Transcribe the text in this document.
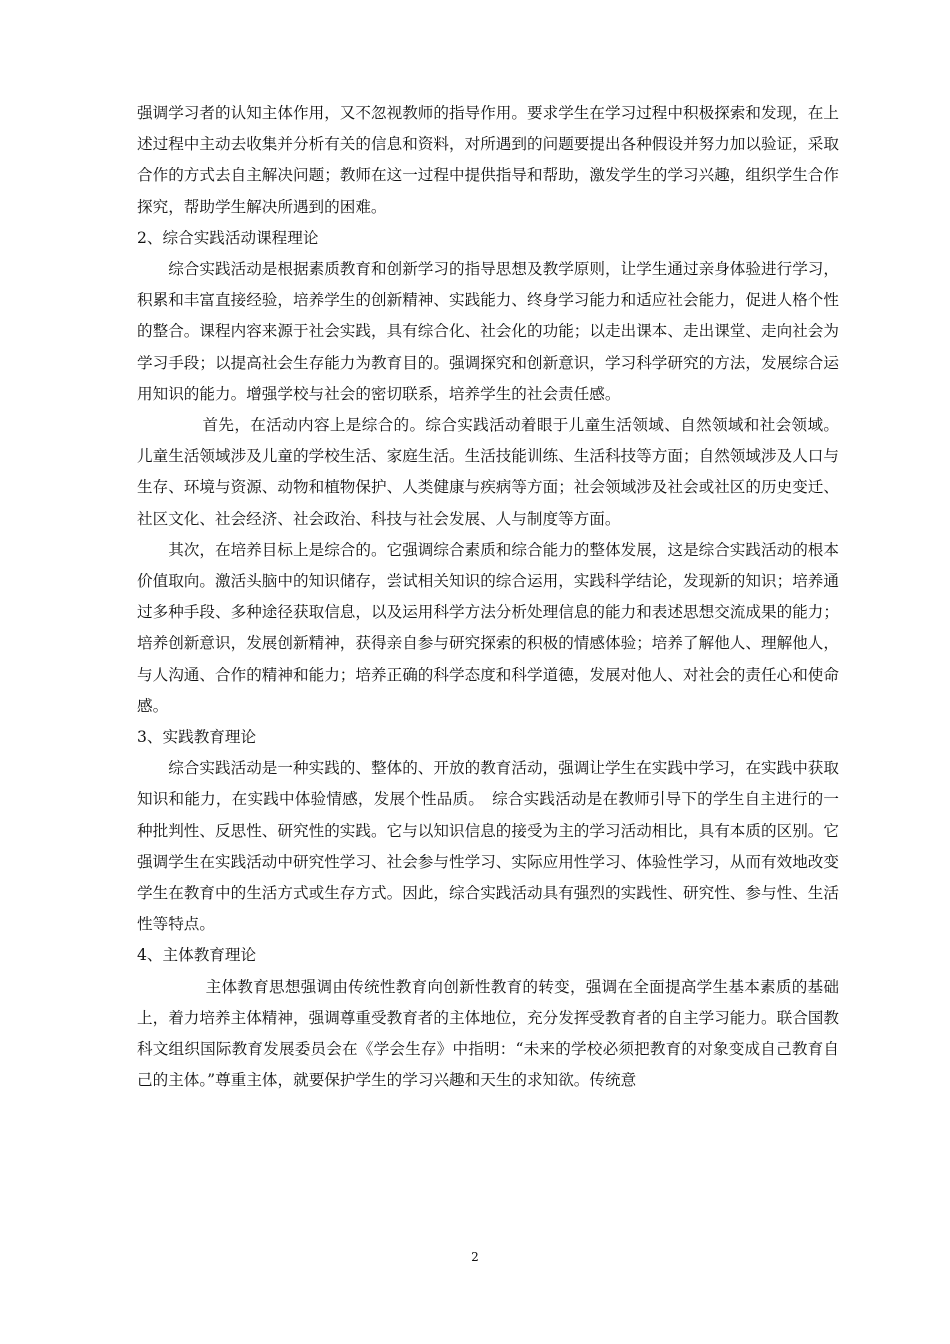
强调学习者的认知主体作用，又不忽视教师的指导作用。要求学生在学习过程中积极探索和发现，在上述过程中主动去收集并分析有关的信息和资料，对所遇到的问题要提出各种假设并努力加以验证，采取合作的方式去自主解决问题；教师在这一过程中提供指导和帮助，激发学生的学习兴趣，组织学生合作探究，帮助学生解决所遇到的困难。

2、综合实践活动课程理论

综合实践活动是根据素质教育和创新学习的指导思想及教学原则，让学生通过亲身体验进行学习，积累和丰富直接经验，培养学生的创新精神、实践能力、终身学习能力和适应社会能力，促进人格个性的整合。课程内容来源于社会实践，具有综合化、社会化的功能；以走出课本、走出课堂、走向社会为学习手段；以提高社会生存能力为教育目的。强调探究和创新意识，学习科学研究的方法，发展综合运用知识的能力。增强学校与社会的密切联系，培养学生的社会责任感。

首先，在活动内容上是综合的。综合实践活动着眼于儿童生活领域、自然领域和社会领域。儿童生活领域涉及儿童的学校生活、家庭生活。生活技能训练、生活科技等方面；自然领域涉及人口与生存、环境与资源、动物和植物保护、人类健康与疾病等方面；社会领域涉及社会或社区的历史变迁、社区文化、社会经济、社会政治、科技与社会发展、人与制度等方面。

其次，在培养目标上是综合的。它强调综合素质和综合能力的整体发展，这是综合实践活动的根本价值取向。激活头脑中的知识储存，尝试相关知识的综合运用，实践科学结论，发现新的知识；培养通过多种手段、多种途径获取信息，以及运用科学方法分析处理信息的能力和表述思想交流成果的能力；培养创新意识，发展创新精神，获得亲自参与研究探索的积极的情感体验；培养了解他人、理解他人，与人沟通、合作的精神和能力；培养正确的科学态度和科学道德，发展对他人、对社会的责任心和使命感。

3、实践教育理论

综合实践活动是一种实践的、整体的、开放的教育活动，强调让学生在实践中学习，在实践中获取知识和能力，在实践中体验情感，发展个性品质。　综合实践活动是在教师引导下的学生自主进行的一种批判性、反思性、研究性的实践。它与以知识信息的接受为主的学习活动相比，具有本质的区别。它强调学生在实践活动中研究性学习、社会参与性学习、实际应用性学习、体验性学习，从而有效地改变学生在教育中的生活方式或生存方式。因此，综合实践活动具有强烈的实践性、研究性、参与性、生活性等特点。

4、主体教育理论

主体教育思想强调由传统性教育向创新性教育的转变，强调在全面提高学生基本素质的基础上，着力培养主体精神，强调尊重受教育者的主体地位，充分发挥受教育者的自主学习能力。联合国教科文组织国际教育发展委员会在《学会生存》中指明：“未来的学校必须把教育的对象变成自己教育自己的主体。”尊重主体，就要保护学生的学习兴趣和天生的求知欲。传统意

2
